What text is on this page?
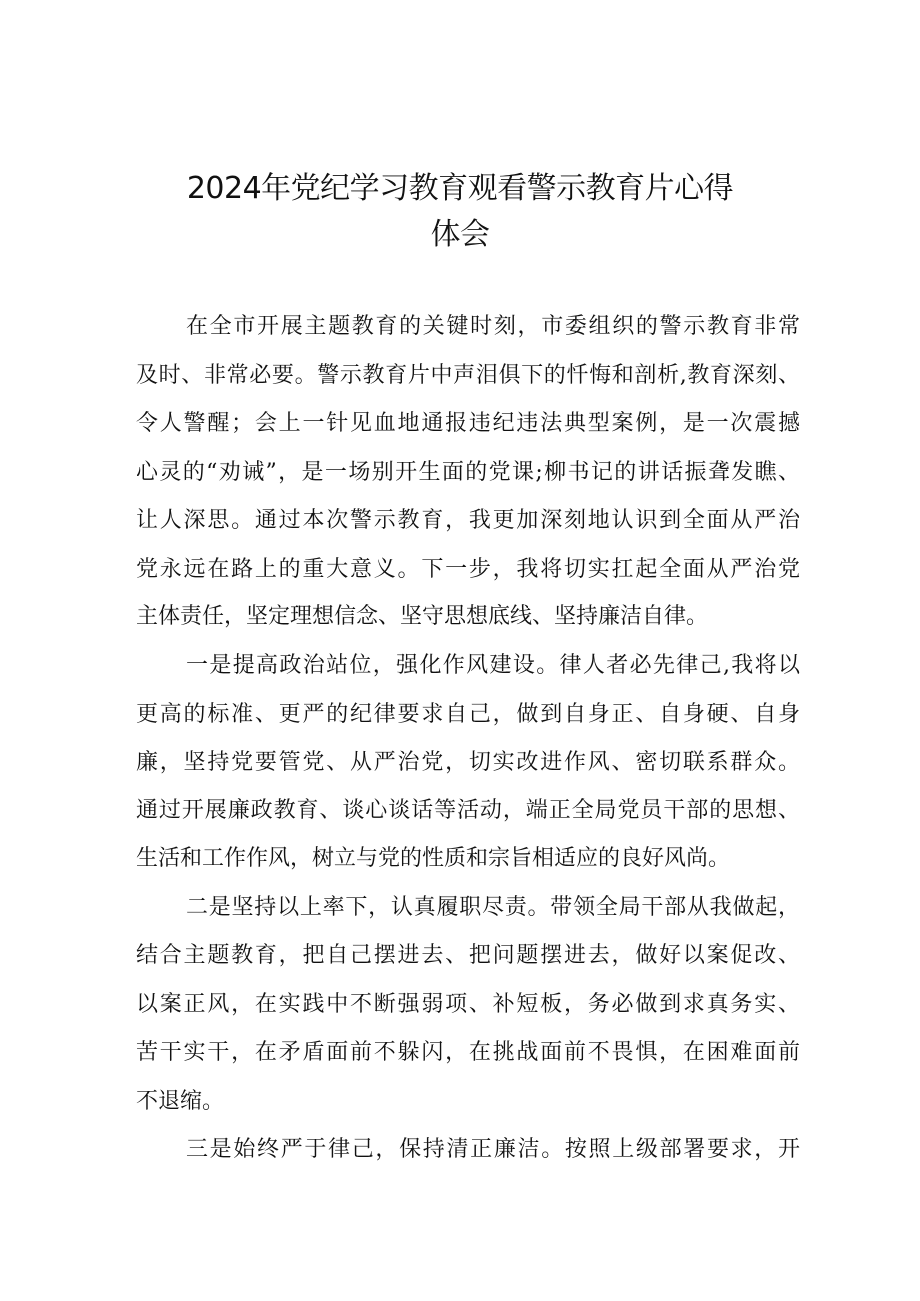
2024年党纪学习教育观看警示教育片心得
体会
在全市开展主题教育的关键时刻，市委组织的警示教育非常
及时、非常必要。警示教育片中声泪俱下的忏悔和剖析,教育深刻、
令人警醒；会上一针见血地通报违纪违法典型案例，是一次震撼
心灵的“劝诫”，是一场别开生面的党课;柳书记的讲话振聋发瞧、
让人深思。通过本次警示教育，我更加深刻地认识到全面从严治
党永远在路上的重大意义。下一步，我将切实扛起全面从严治党
主体责任，坚定理想信念、坚守思想底线、坚持廉洁自律。
一是提高政治站位，强化作风建设。律人者必先律己,我将以
更高的标准、更严的纪律要求自己，做到自身正、自身硬、自身
廉，坚持党要管党、从严治党，切实改进作风、密切联系群众。
通过开展廉政教育、谈心谈话等活动，端正全局党员干部的思想、
生活和工作作风，树立与党的性质和宗旨相适应的良好风尚。
二是坚持以上率下，认真履职尽责。带领全局干部从我做起，
结合主题教育，把自己摆进去、把问题摆进去，做好以案促改、
以案正风，在实践中不断强弱项、补短板，务必做到求真务实、
苦干实干，在矛盾面前不躲闪，在挑战面前不畏惧，在困难面前
不退缩。
三是始终严于律己，保持清正廉洁。按照上级部署要求，开
